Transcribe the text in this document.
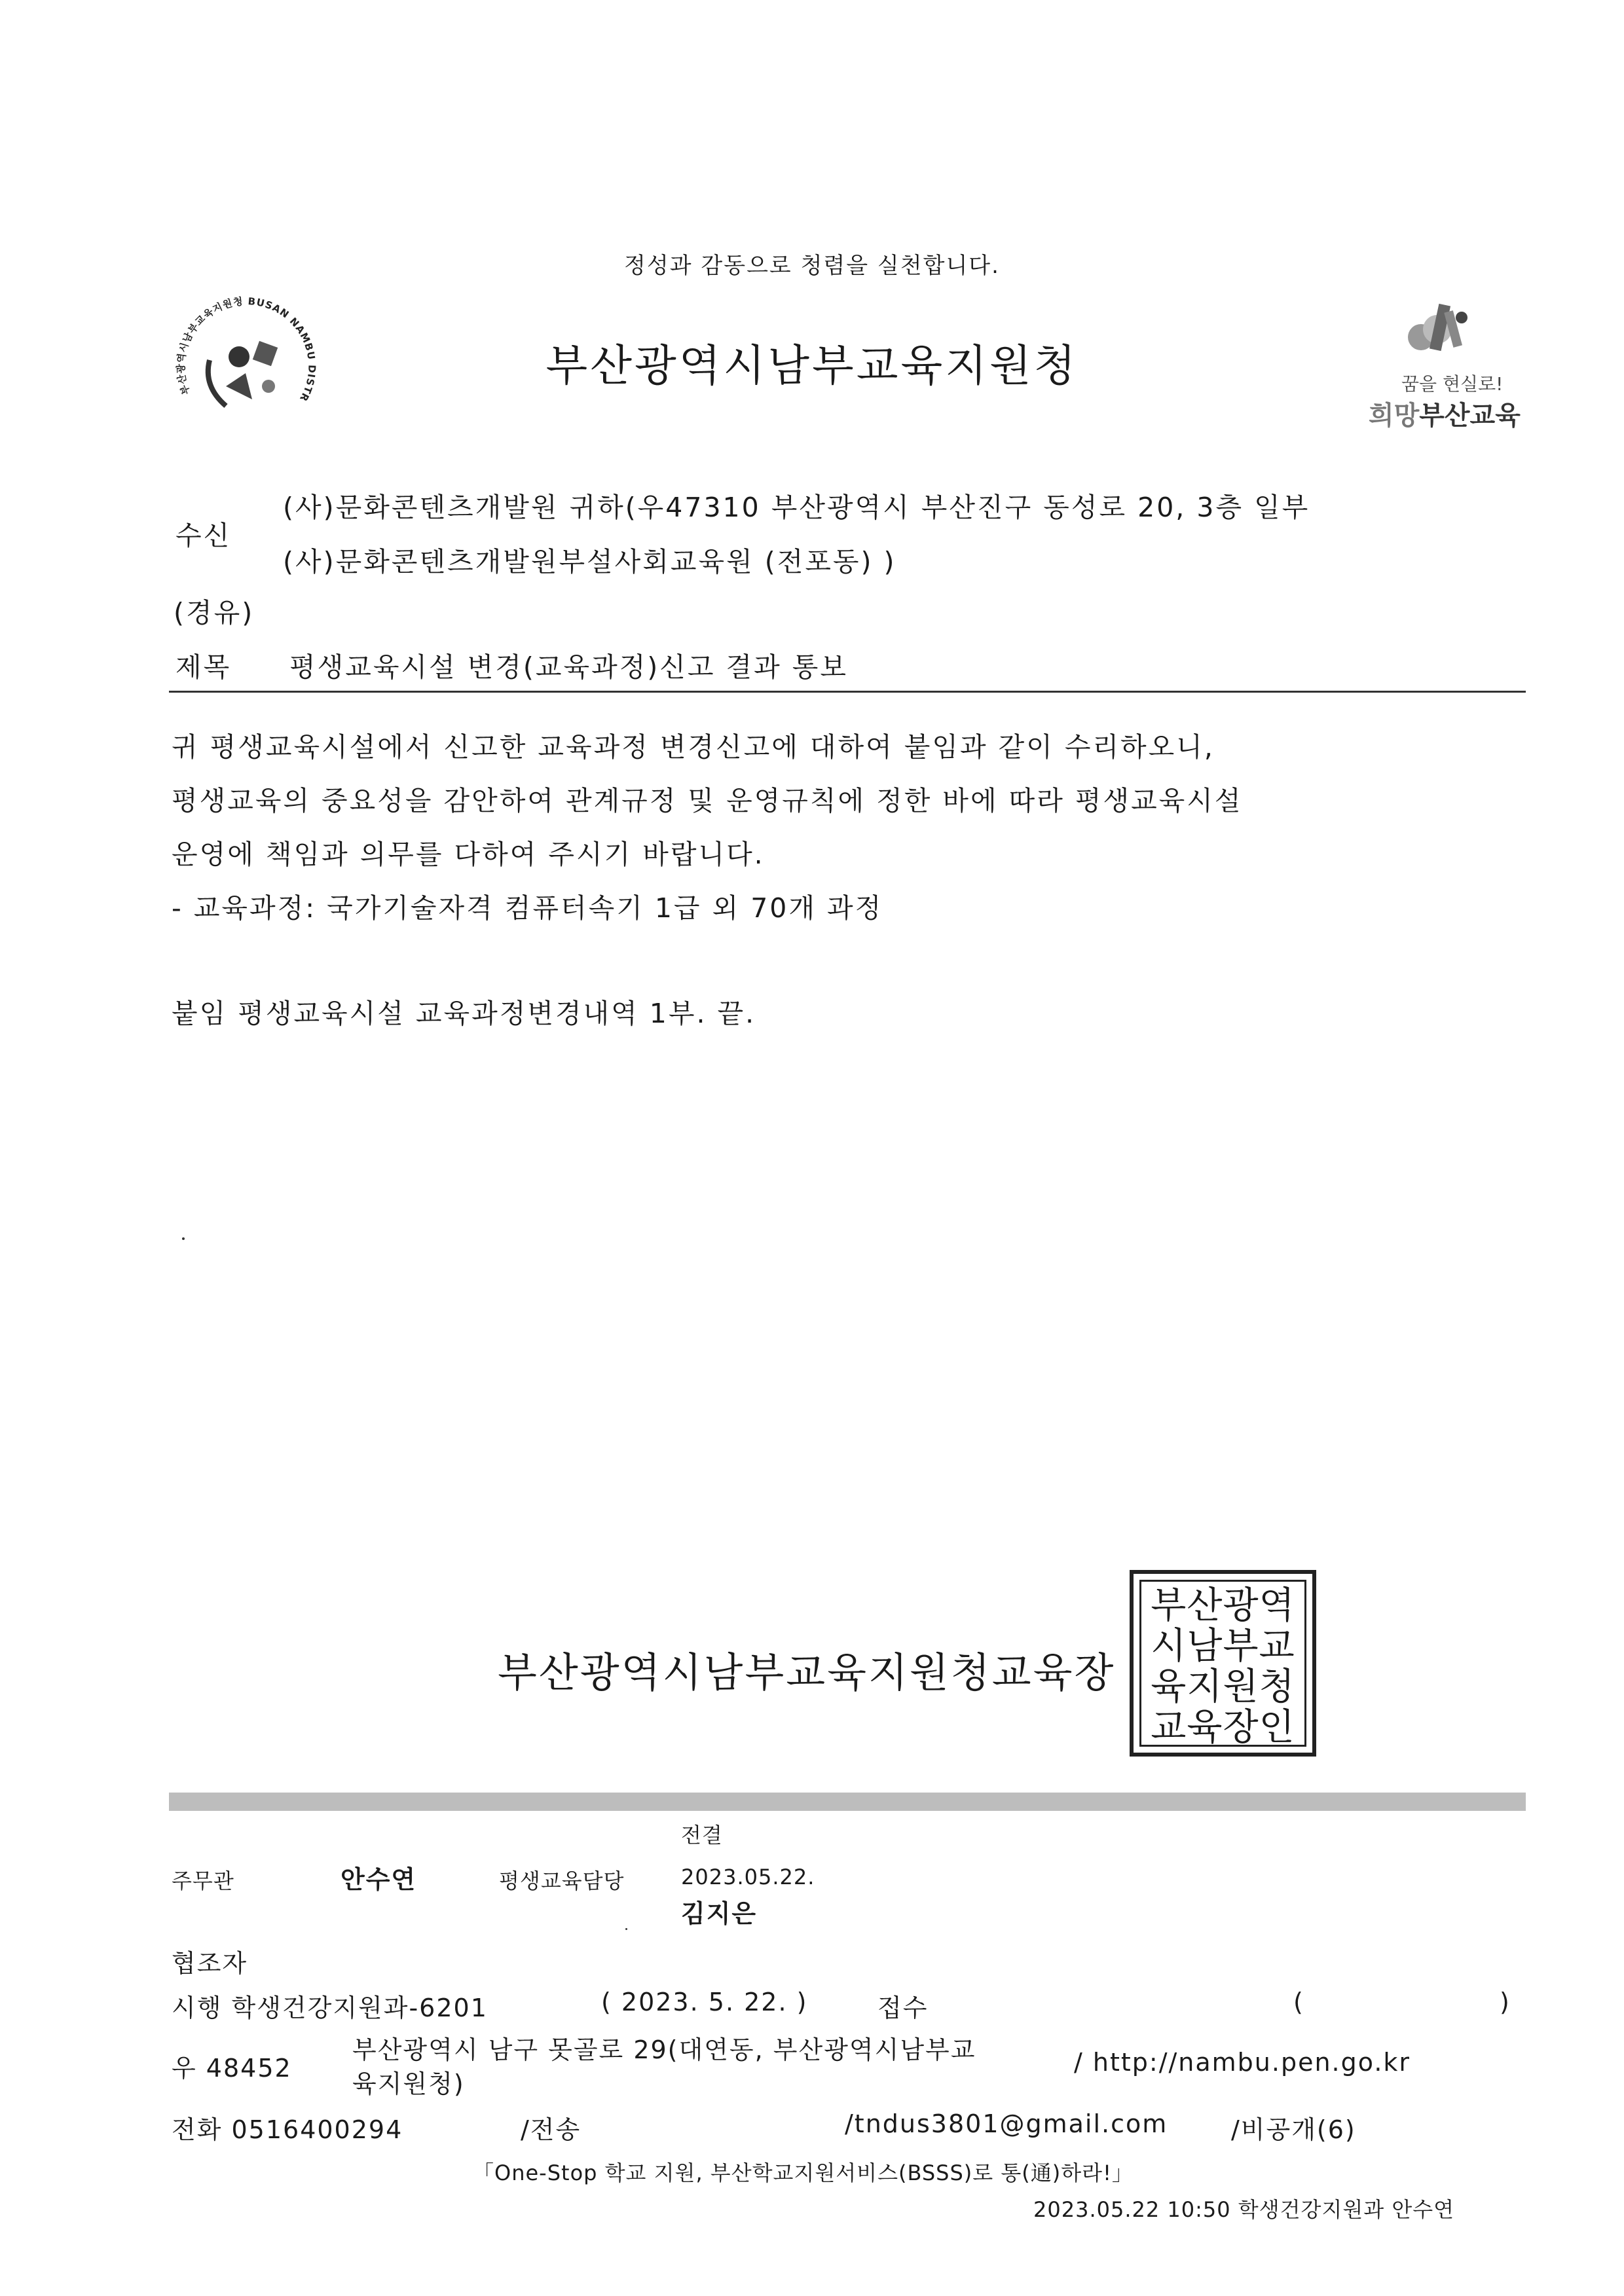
정성과 감동으로 청렴을 실천합니다.
부산광역시남부교육지원청 BUSAN NAMBU DISTR
부산광역시남부교육지원청	꿈을 현실로!
희망부산교육
수신
(사)문화콘텐츠개발원 귀하(우47310 부산광역시 부산진구 동성로 20, 3층 일부
(사)문화콘텐츠개발원부설사회교육원 (전포동) )
(경유)
제목 평생교육시설 변경(교육과정)신고 결과 통보
귀 평생교육시설에서 신고한 교육과정 변경신고에 대하여 붙임과 같이 수리하오니,
평생교육의 중요성을 감안하여 관계규정 및 운영규칙에 정한 바에 따라 평생교육시설
운영에 책임과 의무를 다하여 주시기 바랍니다.
- 교육과정: 국가기술자격 컴퓨터속기 1급 외 70개 과정
붙임 평생교육시설 교육과정변경내역 1부. 끝.
부산광역시남부교육지원청교육장
부산광역
시남부교
육지원청
교육장인
전결
주무관	안수연	평생교육담당	2023.05.22.
김지은
협조자
시행 학생건강지원과-6201	( 2023. 5. 22. )	접수	(	)
우 48452
부산광역시 남구 못골로 29(대연동, 부산광역시남부교
육지원청)
/ http://nambu.pen.go.kr
전화 0516400294	/전송	/tndus3801@gmail.com	/비공개(6)
「One-Stop 학교 지원, 부산학교지원서비스(BSSS)로 통(通)하라!」
2023.05.22 10:50 학생건강지원과 안수연
